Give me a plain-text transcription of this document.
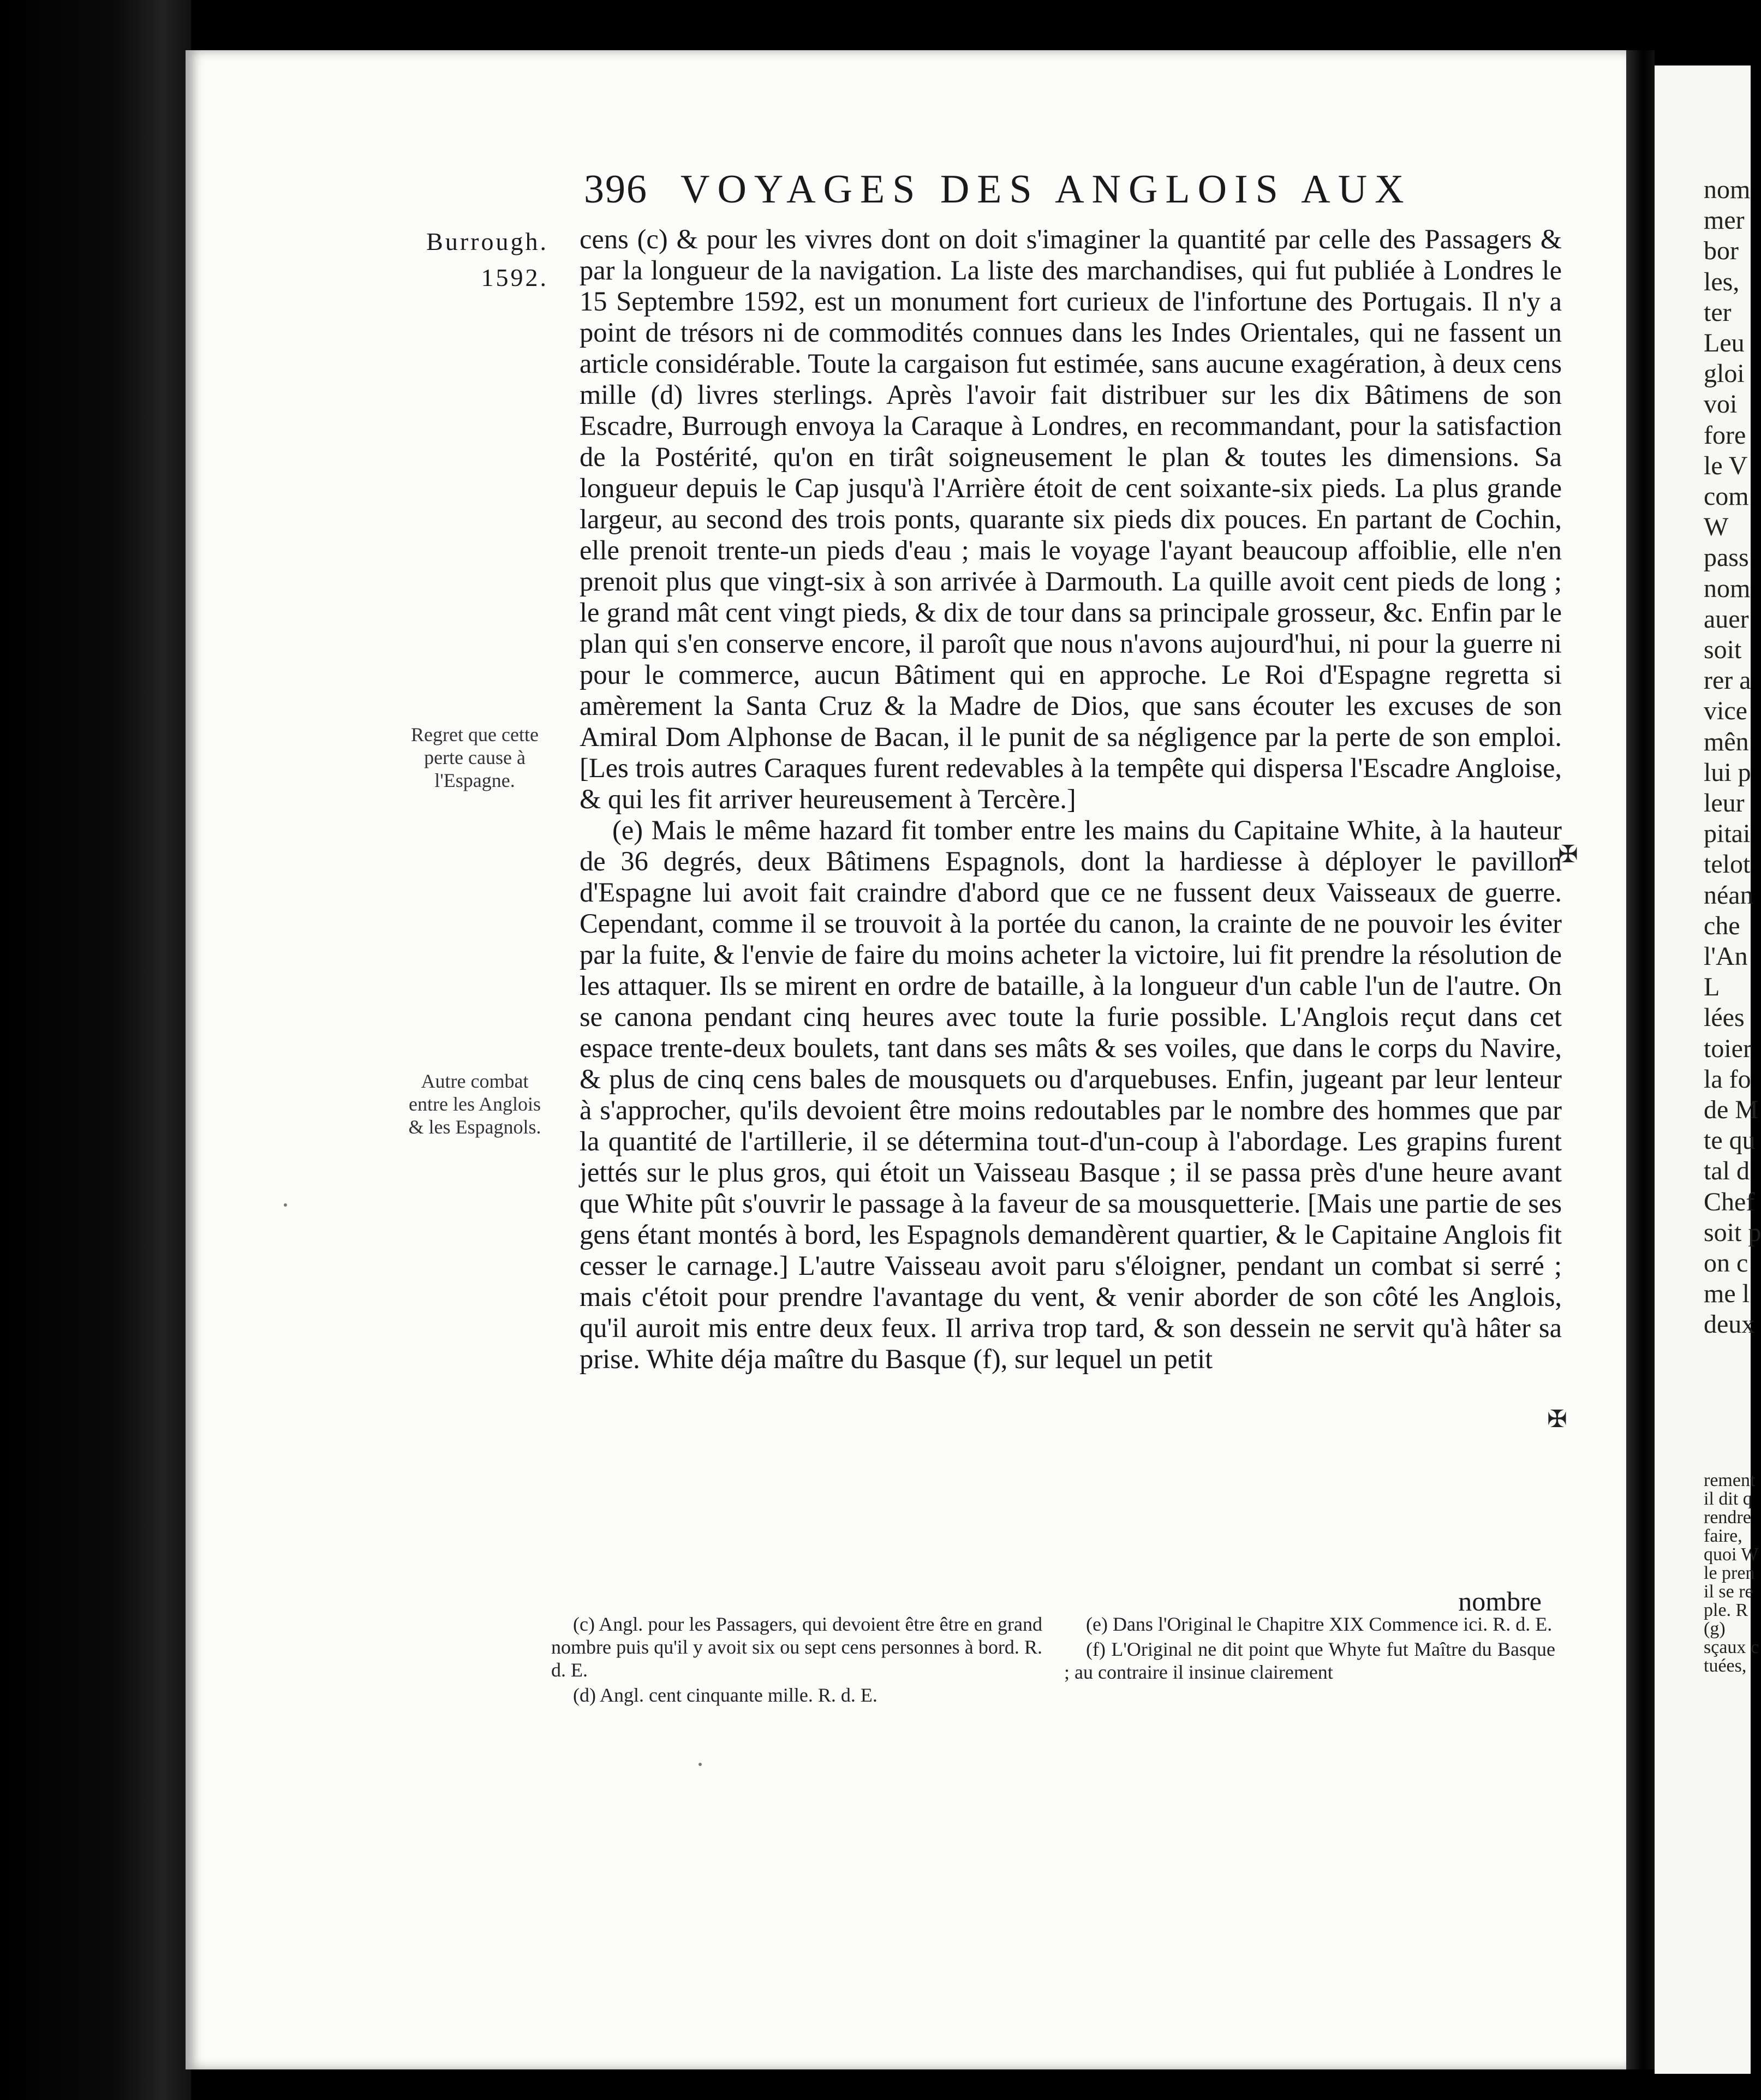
nom
mer
bor
les,
ter
Leu
gloi
voi
fore
le V
com
W
pass
nom
auer
soit
rer a
vice
mên
lui p
leur
pitai
telot
néan
che
l'An
L
lées
toier
la fo
de M
te qu
tal d
Chef
soit p
on c
me l
deux
rement
il dit q
rendre
faire,
quoi W
le pren
il se re
ple. R
(g)
sçaux c
tuées,
396 VOYAGES DES ANGLOIS AUX
Burrough.
1592.
Regret que cette perte cause à l'Espagne.
Autre combat entre les Anglois & les Espagnols.

cens (c) & pour les vivres dont on doit s'imaginer la quantité par celle des Passagers & par la longueur de la navigation. La liste des marchandises, qui fut publiée à Londres le 15 Septembre 1592, est un monument fort curieux de l'infortune des Portugais. Il n'y a point de trésors ni de commodités connues dans les Indes Orientales, qui ne fassent un article considérable. Toute la cargaison fut estimée, sans aucune exagération, à deux cens mille (d) livres sterlings. Après l'avoir fait distribuer sur les dix Bâtimens de son Escadre, Burrough envoya la Caraque à Londres, en recommandant, pour la satisfaction de la Postérité, qu'on en tirât soigneusement le plan & toutes les dimensions. Sa longueur depuis le Cap jusqu'à l'Arrière étoit de cent soixante-six pieds. La plus grande largeur, au second des trois ponts, quarante six pieds dix pouces. En partant de Cochin, elle prenoit trente-un pieds d'eau ; mais le voyage l'ayant beaucoup affoiblie, elle n'en prenoit plus que vingt-six à son arrivée à Darmouth. La quille avoit cent pieds de long ; le grand mât cent vingt pieds, & dix de tour dans sa principale grosseur, &c. Enfin par le plan qui s'en conserve encore, il paroît que nous n'avons aujourd'hui, ni pour la guerre ni pour le commerce, aucun Bâtiment qui en approche. Le Roi d'Espagne regretta si amèrement la Santa Cruz & la Madre de Dios, que sans écouter les excuses de son Amiral Dom Alphonse de Bacan, il le punit de sa négligence par la perte de son emploi. [Les trois autres Caraques furent redevables à la tempête qui dispersa l'Escadre Angloise, & qui les fit arriver heureusement à Tercère.]

(e) Mais le même hazard fit tomber entre les mains du Capitaine White, à la hauteur de 36 degrés, deux Bâtimens Espagnols, dont la hardiesse à déployer le pavillon d'Espagne lui avoit fait craindre d'abord que ce ne fussent deux Vaisseaux de guerre. Cependant, comme il se trouvoit à la portée du canon, la crainte de ne pouvoir les éviter par la fuite, & l'envie de faire du moins acheter la victoire, lui fit prendre la résolution de les attaquer. Ils se mirent en ordre de bataille, à la longueur d'un cable l'un de l'autre. On se canona pendant cinq heures avec toute la furie possible. L'Anglois reçut dans cet espace trente-deux boulets, tant dans ses mâts & ses voiles, que dans le corps du Navire, & plus de cinq cens bales de mousquets ou d'arquebuses. Enfin, jugeant par leur lenteur à s'approcher, qu'ils devoient être moins redoutables par le nombre des hommes que par la quantité de l'artillerie, il se détermina tout-d'un-coup à l'abordage. Les grapins furent jettés sur le plus gros, qui étoit un Vaisseau Basque ; il se passa près d'une heure avant que White pût s'ouvrir le passage à la faveur de sa mousquetterie. [Mais une partie de ses gens étant montés à bord, les Espagnols demandèrent quartier, & le Capitaine Anglois fit cesser le carnage.] L'autre Vaisseau avoit paru s'éloigner, pendant un combat si serré ; mais c'étoit pour prendre l'avantage du vent, & venir aborder de son côté les Anglois, qu'il auroit mis entre deux feux. Il arriva trop tard, & son dessein ne servit qu'à hâter sa prise. White déja maître du Basque (f), sur lequel un petit

nombre

(c) Angl. pour les Passagers, qui devoient être être en grand nombre puis qu'il y avoit six ou sept cens personnes à bord. R. d. E.

(d) Angl. cent cinquante mille. R. d. E.

(e) Dans l'Original le Chapitre XIX Commence ici. R. d. E.

(f) L'Original ne dit point que Whyte fut Maître du Basque ; au contraire il insinue clairement

✠
✠
